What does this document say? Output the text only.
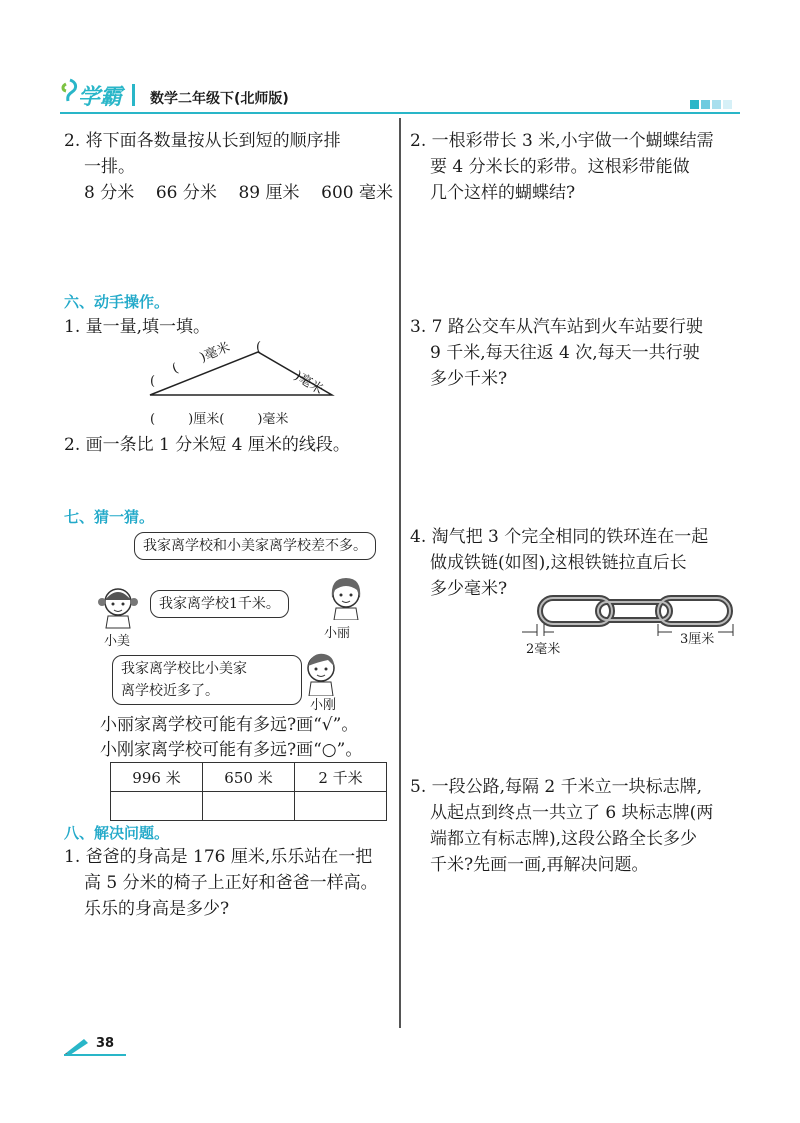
学霸 数学二年级下(北师版)
2. 将下面各数量按从长到短的顺序排
一排。
8 分米    66 分米    89 厘米    600 毫米
六、动手操作。
1. 量一量,填一填。
(      )毫米 (
)毫米
(
(        )厘米(        )毫米
2. 画一条比 1 分米短 4 厘米的线段。
七、猜一猜。
我家离学校和小美家离学校差不多。
我家离学校1千米。
我家离学校比小美家
离学校近多了。
小美
小丽
小刚
小丽家离学校可能有多远?画“√”。
小刚家离学校可能有多远?画“○”。
996 米	650 米	2 千米

八、解决问题。
1. 爸爸的身高是 176 厘米,乐乐站在一把
高 5 分米的椅子上正好和爸爸一样高。
乐乐的身高是多少?
2. 一根彩带长 3 米,小宇做一个蝴蝶结需
要 4 分米长的彩带。这根彩带能做
几个这样的蝴蝶结?
3. 7 路公交车从汽车站到火车站要行驶
9 千米,每天往返 4 次,每天一共行驶
多少千米?
4. 淘气把 3 个完全相同的铁环连在一起
做成铁链(如图),这根铁链拉直后长
多少毫米?
2毫米
3厘米
5. 一段公路,每隔 2 千米立一块标志牌,
从起点到终点一共立了 6 块标志牌(两
端都立有标志牌),这段公路全长多少
千米?先画一画,再解决问题。
38
